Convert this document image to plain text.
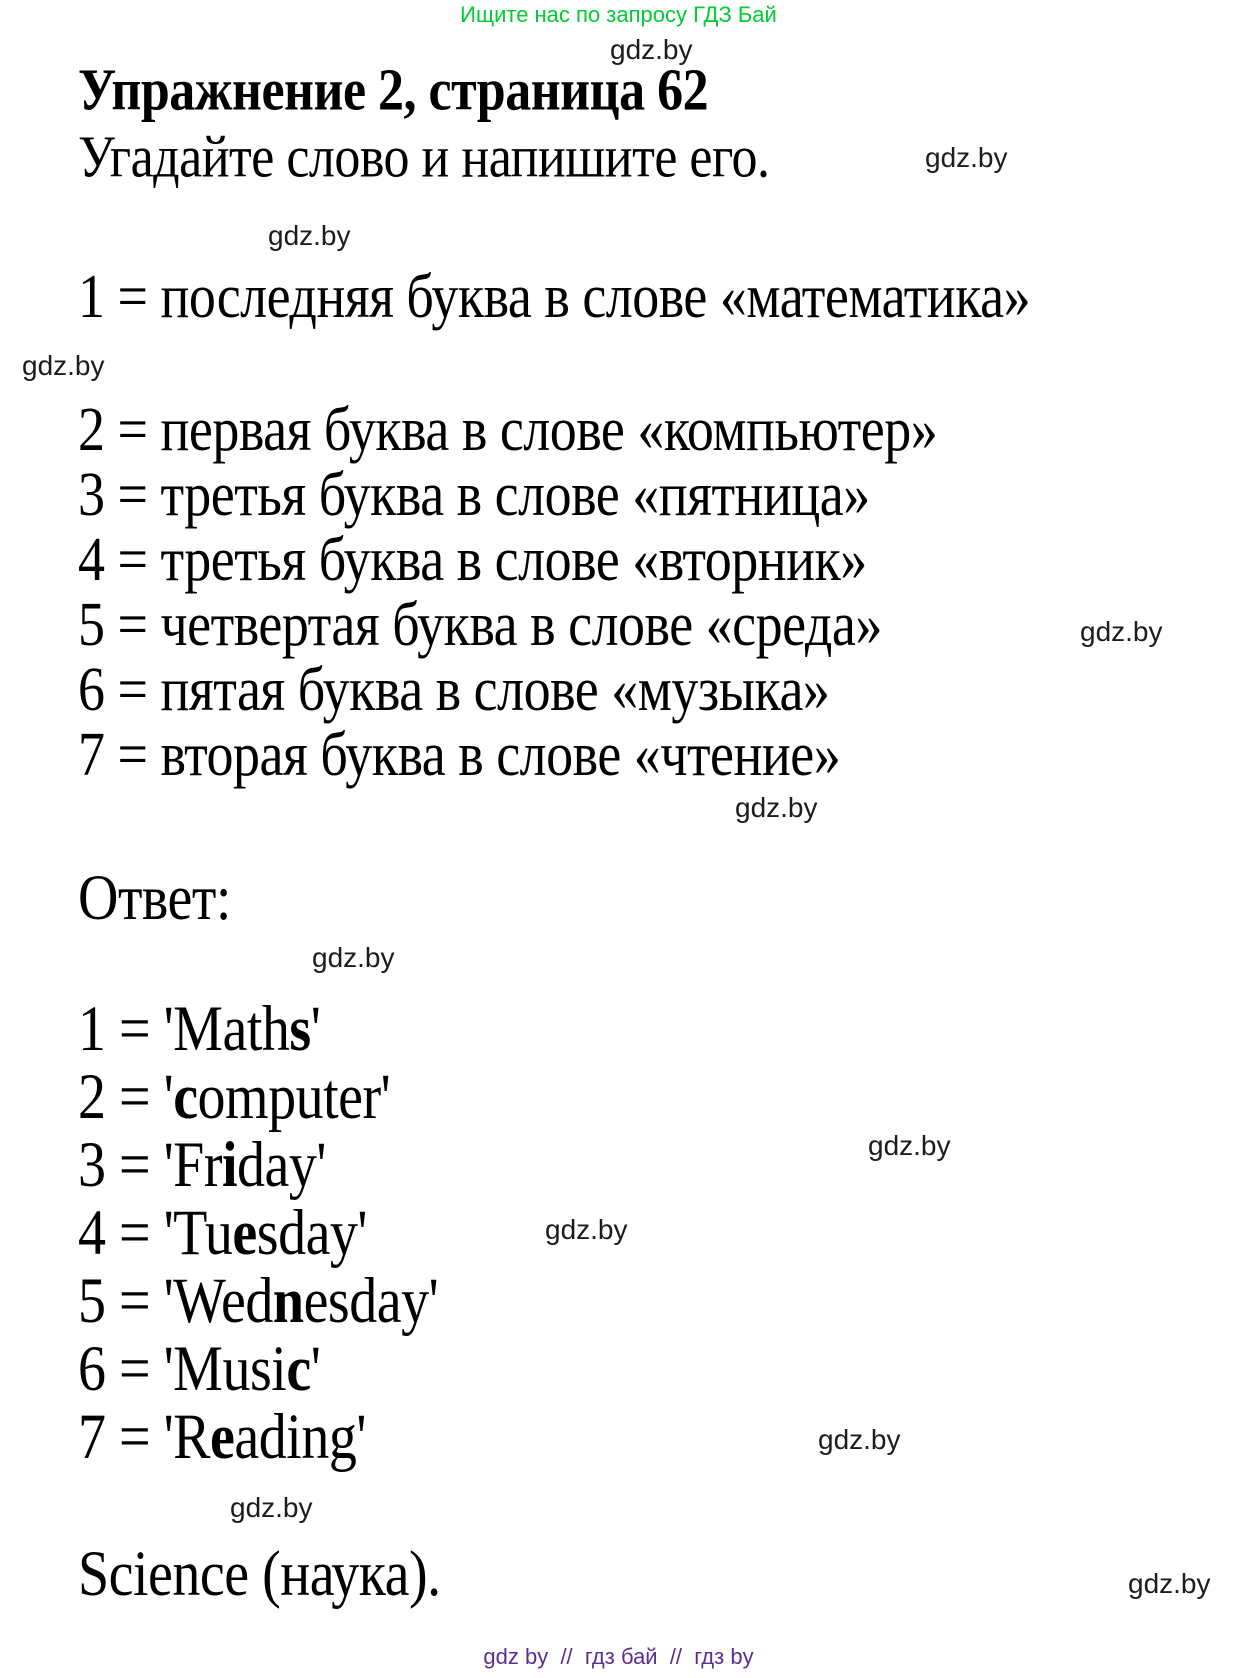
Ищите нас по запросу ГДЗ Бай
gdz.by
Упражнение 2, страница 62
Угадайте слово и напишите его.	gdz.by
gdz.by
1 = последняя буква в слове «математика»
gdz.by
2 = первая буква в слове «компьютер»
3 = третья буква в слове «пятница»
4 = третья буква в слове «вторник»
5 = четвертая буква в слове «среда»	gdz.by
6 = пятая буква в слове «музыка»
7 = вторая буква в слове «чтение»
gdz.by
Ответ:
gdz.by
1 = 'Maths'
2 = 'computer'
gdz.by
3 = 'Friday'
gdz.by
4 = 'Tuesday'
5 = 'Wednesday'
6 = 'Music'
7 = 'Reading'	gdz.by
gdz.by
Science (наука).	gdz.by
gdz by  //  гдз бай  //  гдз by
